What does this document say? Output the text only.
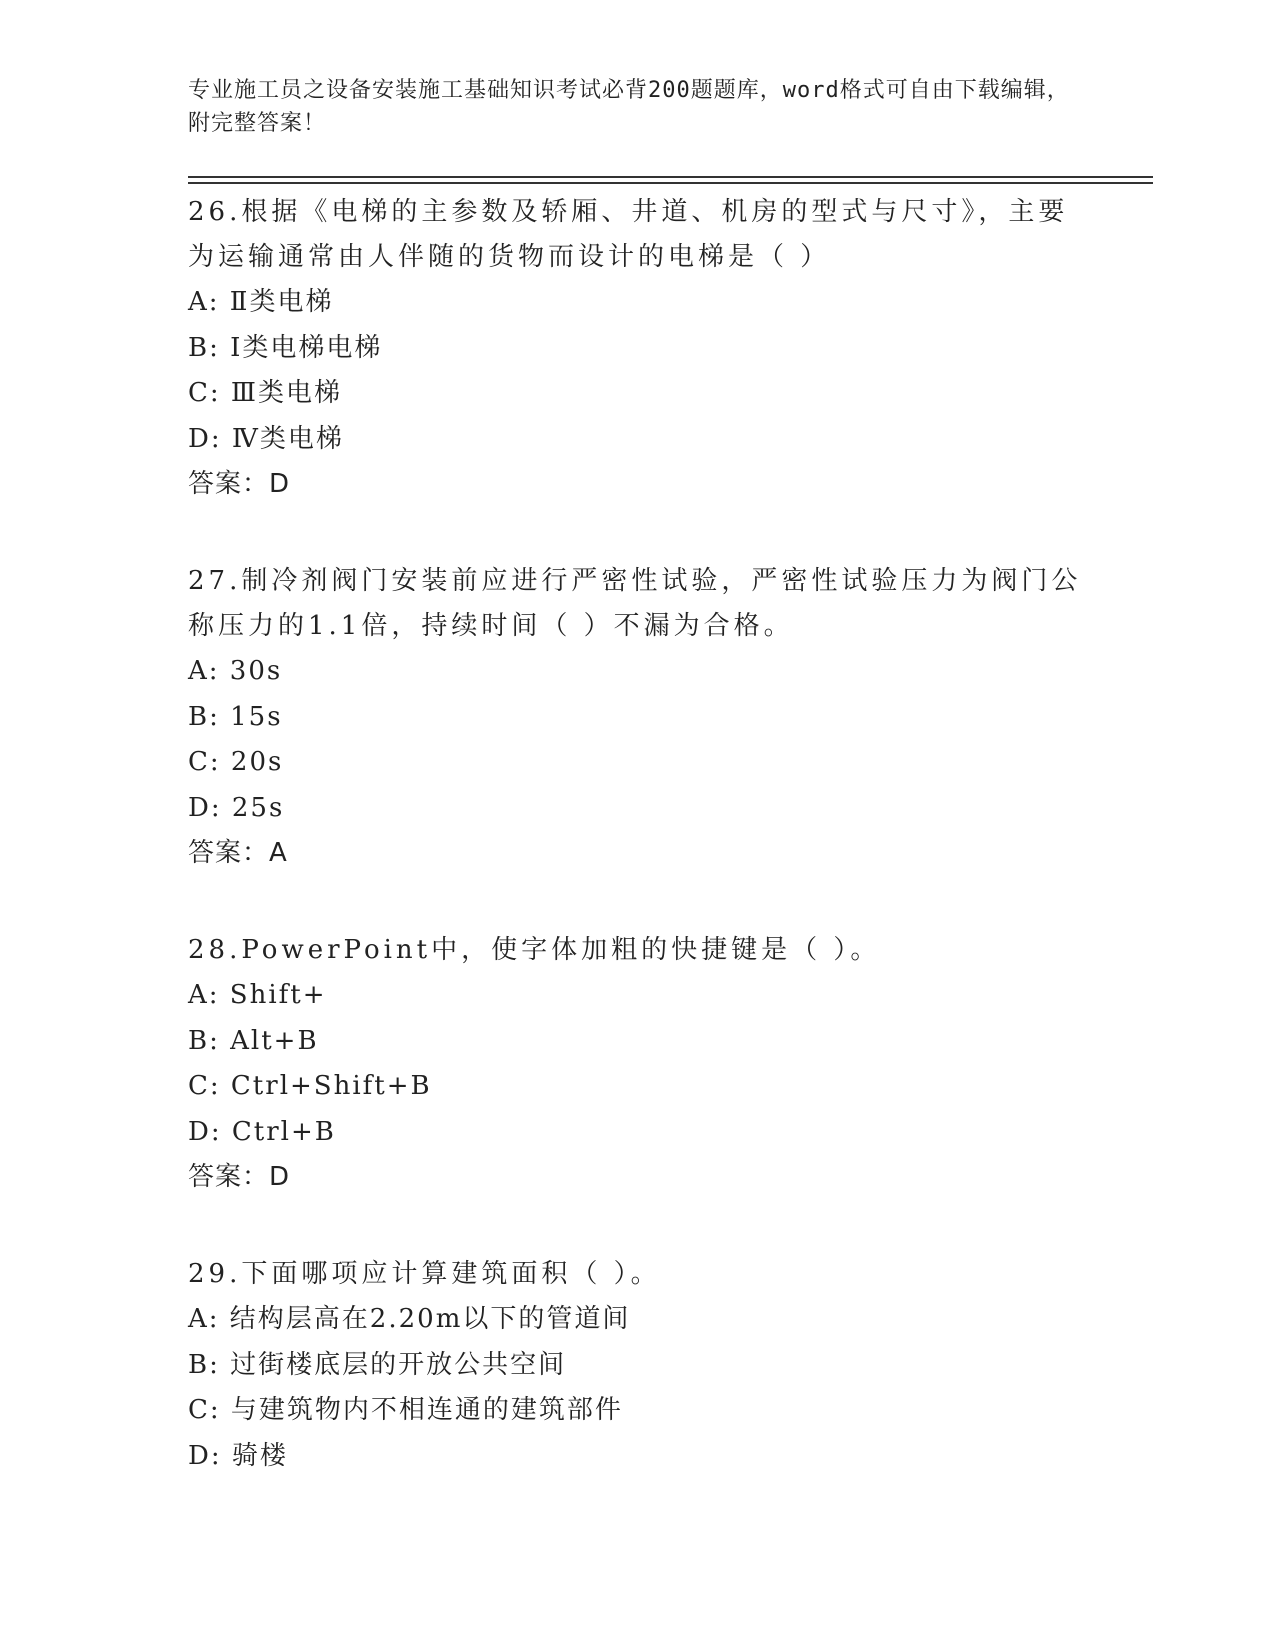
专业施工员之设备安装施工基础知识考试必背200题题库，word格式可自由下载编辑，附完整答案！
26.根据《电梯的主参数及轿厢、井道、机房的型式与尺寸》，主要为运输通常由人伴随的货物而设计的电梯是（ ）
A: Ⅱ类电梯
B: Ⅰ类电梯电梯
C: Ⅲ类电梯
D: Ⅳ类电梯
答案：D
27.制冷剂阀门安装前应进行严密性试验，严密性试验压力为阀门公称压力的1.1倍，持续时间（ ）不漏为合格。
A: 30s
B: 15s
C: 20s
D: 25s
答案：A
28.PowerPoint中，使字体加粗的快捷键是（ ）。
A: Shift+
B: Alt+B
C: Ctrl+Shift+B
D: Ctrl+B
答案：D
29.下面哪项应计算建筑面积（ ）。
A: 结构层高在2.20m以下的管道间
B: 过街楼底层的开放公共空间
C: 与建筑物内不相连通的建筑部件
D: 骑楼
